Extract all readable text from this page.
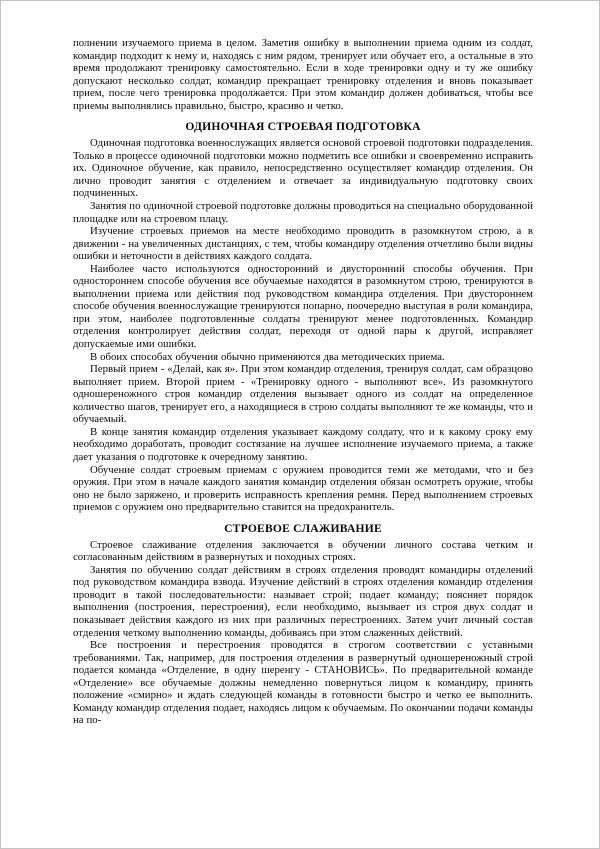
полнении изучаемого приема в целом. Заметив ошибку в выполнении приема одним из солдат, командир подходит к нему и, находясь с ним рядом, тренирует или обучает его, а остальные в это время продолжают тренировку самостоятельно. Если в ходе тренировки одну и ту же ошибку допускают несколько солдат, командир прекращает тренировку отделения и вновь показывает прием, после чего тренировка продолжается. При этом командир должен добиваться, чтобы все приемы выполнялись правильно, быстро, красиво и четко.

ОДИНОЧНАЯ СТРОЕВАЯ ПОДГОТОВКА

Одиночная подготовка военнослужащих является основой строевой подготовки подразделения. Только в процессе одиночной подготовки можно подметить все ошибки и своевременно исправить их. Одиночное обучение, как правило, непосредственно осуществляет командир отделения. Он лично проводит занятия с отделением и отвечает за индивидуальную подготовку своих подчиненных.

Занятия по одиночной строевой подготовке должны проводиться на специально оборудованной площадке или на строевом плацу.

Изучение строевых приемов на месте необходимо проводить в разомкнутом строю, а в движении - на увеличенных дистанциях, с тем, чтобы командиру отделения отчетливо были видны ошибки и неточности в действиях каждого солдата.

Наиболее часто используются односторонний и двусторонний способы обучения. При одностороннем способе обучения все обучаемые находятся в разомкнутом строю, тренируются в выполнении приема или действия под руководством командира отделения. При двустороннем способе обучения военнослужащие тренируются попарно, поочередно выступая в роли командира, при этом, наиболее подготовленные солдаты тренируют менее подготовленных. Командир отделения контролирует действия солдат, переходя от одной пары к другой, исправляет допускаемые ими ошибки.

В обоих способах обучения обычно применяются два методических приема.

Первый прием - «Делай, как я». При этом командир отделения, тренируя солдат, сам образцово выполняет прием. Второй прием - «Тренировку одного - выполняют все». Из разомкнутого одношереножного строя командир отделения вызывает одного из солдат на определенное количество шагов, тренирует его, а находящиеся в строю солдаты выполняют те же команды, что и обучаемый.

В конце занятия командир отделения указывает каждому солдату, что и к какому сроку ему необходимо доработать, проводит состязание на лучшее исполнение изучаемого приема, а также дает указания о подготовке к очередному занятию.

Обучение солдат строевым приемам с оружием проводится теми же методами, что и без оружия. При этом в начале каждого занятия командир отделения обязан осмотреть оружие, чтобы оно не было заряжено, и проверить исправность крепления ремня. Перед выполнением строевых приемов с оружием оно предварительно ставится на предохранитель.

СТРОЕВОЕ СЛАЖИВАНИЕ

Строевое слаживание отделения заключается в обучении личного состава четким и согласованным действиям в развернутых и походных строях.

Занятия по обучению солдат действиям в строях отделения проводят командиры отделений под руководством командира взвода. Изучение действий в строях отделения командир отделения проводит в такой последовательности: называет строй; подает команду; поясняет порядок выполнения (построения, перестроения), если необходимо, вызывает из строя двух солдат и показывает действия каждого из них при различных перестроениях. Затем учит личный состав отделения четкому выполнению команды, добиваясь при этом слаженных действий.

Все построения и перестроения проводятся в строгом соответствии с уставными требованиями. Так, например, для построения отделения в развернутый одношереножный строй подается команда «Отделение, в одну шеренгу - СТАНОВИСЬ». По предварительной команде «Отделение» все обучаемые должны немедленно повернуться лицом к командиру, принять положение «смирно» и ждать следующей команды в готовности быстро и четко ее выполнить. Команду командир отделения подает, находясь лицом к обучаемым. По окончании подачи команды на по-
